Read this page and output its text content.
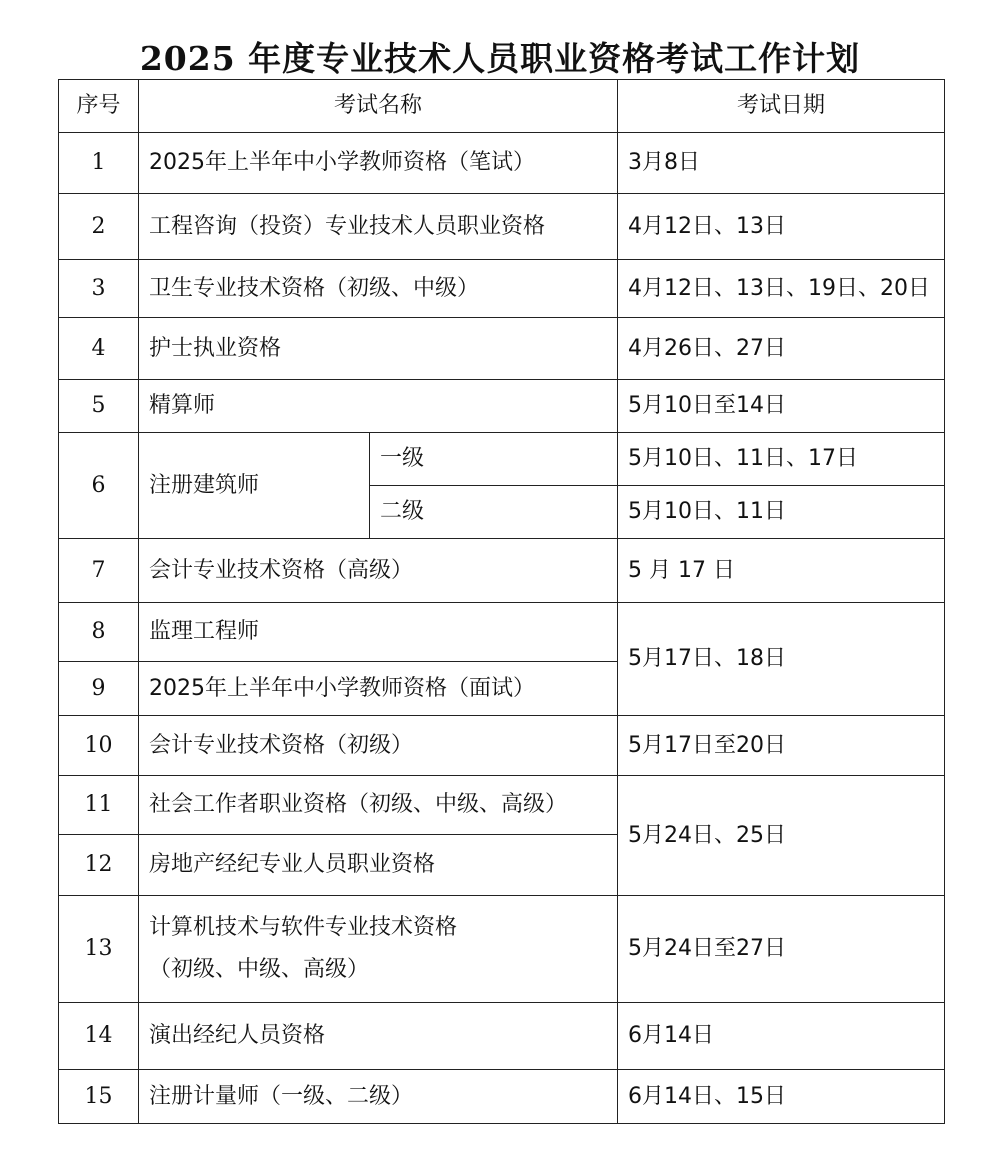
2025 年度专业技术人员职业资格考试工作计划
序号	考试名称		考试日期
1	2025年上半年中小学教师资格（笔试）		3月8日
2	工程咨询（投资）专业技术人员职业资格		4月12日、13日
3	卫生专业技术资格（初级、中级）		4月12日、13日、19日、20日
4	护士执业资格		4月26日、27日
5	精算师		5月10日至14日
6	注册建筑师	一级	5月10日、11日、17日
		二级	5月10日、11日
7	会计专业技术资格（高级）		5 月 17 日
8	监理工程师		5月17日、18日
9	2025年上半年中小学教师资格（面试）		
10	会计专业技术资格（初级）		5月17日至20日
11	社会工作者职业资格（初级、中级、高级）		5月24日、25日
12	房地产经纪专业人员职业资格		
13	计算机技术与软件专业技术资格
（初级、中级、高级）		5月24日至27日
14	演出经纪人员资格		6月14日
15	注册计量师（一级、二级）		6月14日、15日
